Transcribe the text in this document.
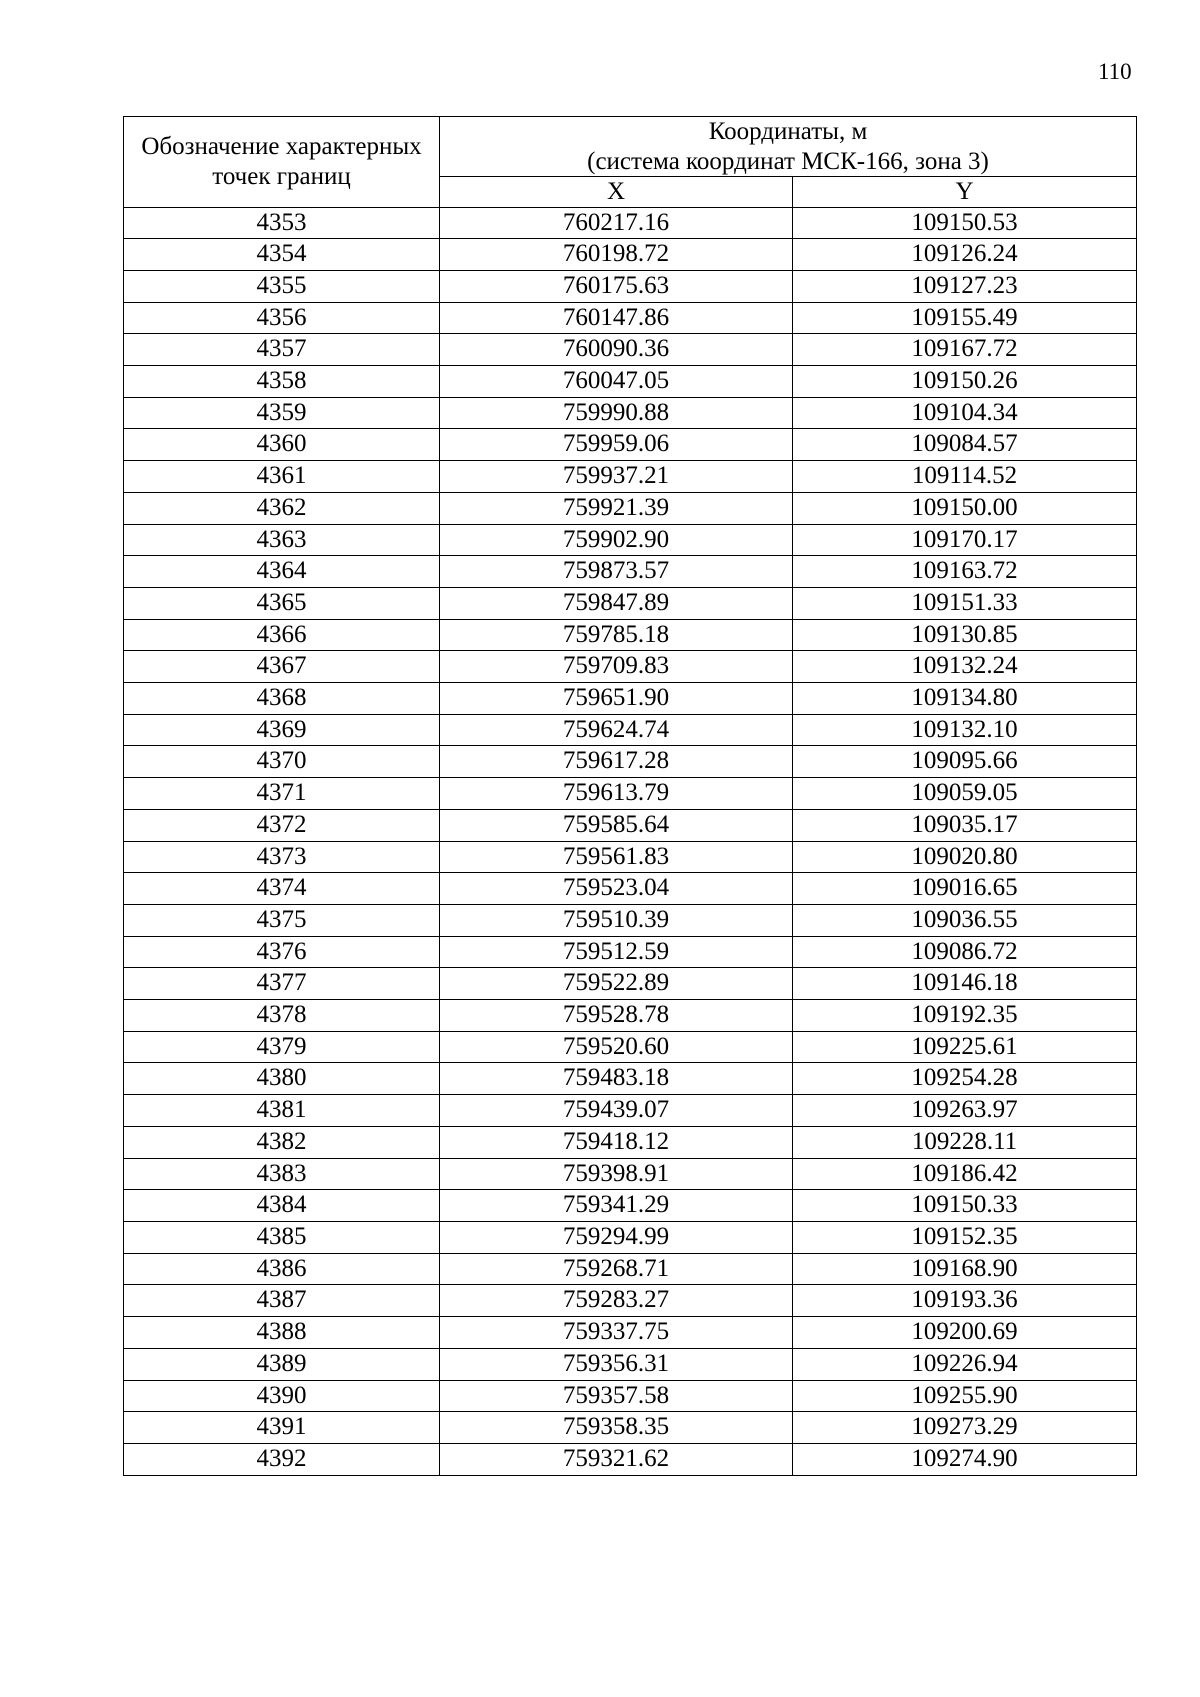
110
Обозначение характерных точек границ	Координаты, м
(система координат МСК-166, зона 3)	
	X	Y
4353	760217.16	109150.53
4354	760198.72	109126.24
4355	760175.63	109127.23
4356	760147.86	109155.49
4357	760090.36	109167.72
4358	760047.05	109150.26
4359	759990.88	109104.34
4360	759959.06	109084.57
4361	759937.21	109114.52
4362	759921.39	109150.00
4363	759902.90	109170.17
4364	759873.57	109163.72
4365	759847.89	109151.33
4366	759785.18	109130.85
4367	759709.83	109132.24
4368	759651.90	109134.80
4369	759624.74	109132.10
4370	759617.28	109095.66
4371	759613.79	109059.05
4372	759585.64	109035.17
4373	759561.83	109020.80
4374	759523.04	109016.65
4375	759510.39	109036.55
4376	759512.59	109086.72
4377	759522.89	109146.18
4378	759528.78	109192.35
4379	759520.60	109225.61
4380	759483.18	109254.28
4381	759439.07	109263.97
4382	759418.12	109228.11
4383	759398.91	109186.42
4384	759341.29	109150.33
4385	759294.99	109152.35
4386	759268.71	109168.90
4387	759283.27	109193.36
4388	759337.75	109200.69
4389	759356.31	109226.94
4390	759357.58	109255.90
4391	759358.35	109273.29
4392	759321.62	109274.90
